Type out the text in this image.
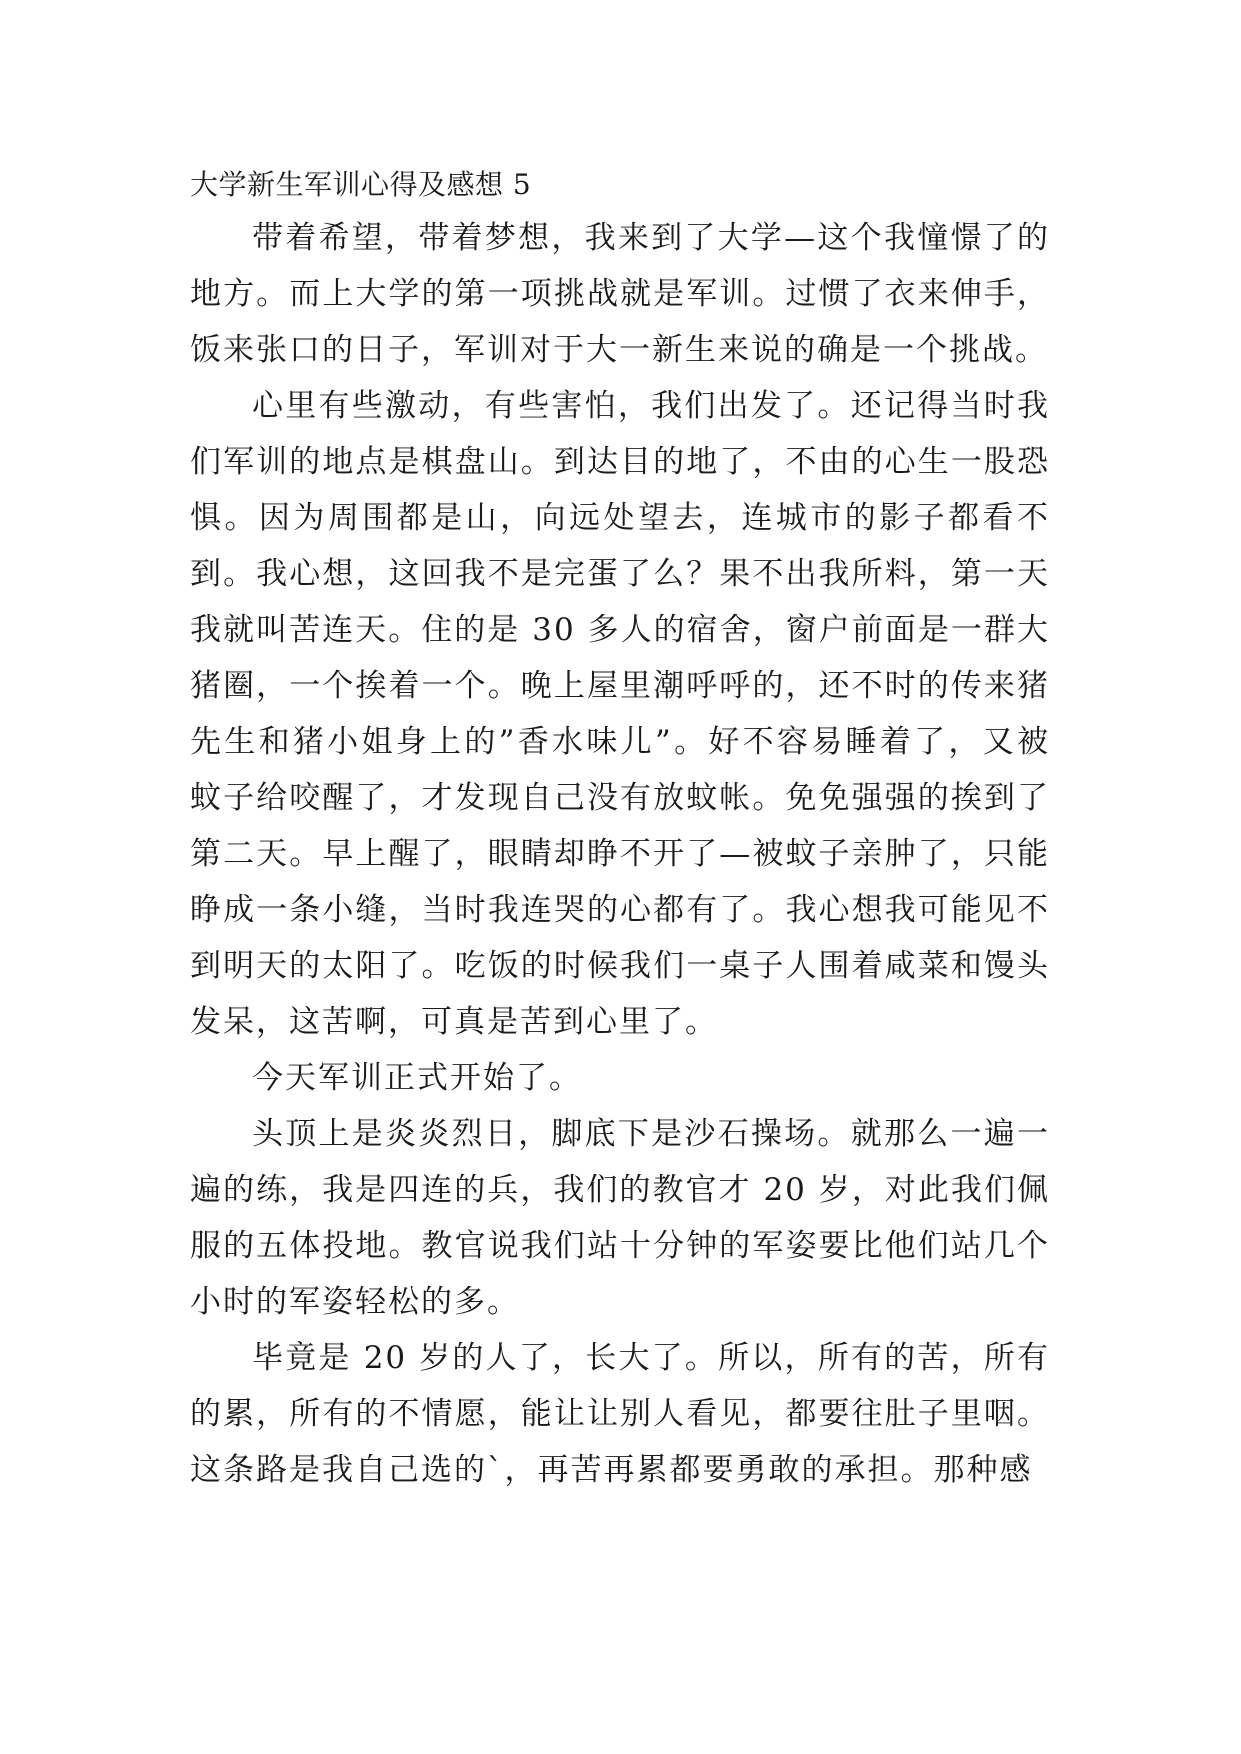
大学新生军训心得及感想 5

带着希望，带着梦想，我来到了大学—这个我憧憬了的地方。而上大学的第一项挑战就是军训。过惯了衣来伸手，饭来张口的日子，军训对于大一新生来说的确是一个挑战。

心里有些激动，有些害怕，我们出发了。还记得当时我们军训的地点是棋盘山。到达目的地了，不由的心生一股恐惧。因为周围都是山，向远处望去，连城市的影子都看不到。我心想，这回我不是完蛋了么？果不出我所料，第一天我就叫苦连天。住的是 30 多人的宿舍，窗户前面是一群大猪圈，一个挨着一个。晚上屋里潮呼呼的，还不时的传来猪先生和猪小姐身上的”香水味儿”。好不容易睡着了，又被蚊子给咬醒了，才发现自己没有放蚊帐。免免强强的挨到了第二天。早上醒了，眼睛却睁不开了—被蚊子亲肿了，只能睁成一条小缝，当时我连哭的心都有了。我心想我可能见不到明天的太阳了。吃饭的时候我们一桌子人围着咸菜和馒头发呆，这苦啊，可真是苦到心里了。

今天军训正式开始了。

头顶上是炎炎烈日，脚底下是沙石操场。就那么一遍一遍的练，我是四连的兵，我们的教官才 20 岁，对此我们佩服的五体投地。教官说我们站十分钟的军姿要比他们站几个小时的军姿轻松的多。

毕竟是 20 岁的人了，长大了。所以，所有的苦，所有的累，所有的不情愿，能让让别人看见，都要往肚子里咽。这条路是我自己选的`，再苦再累都要勇敢的承担。那种感
